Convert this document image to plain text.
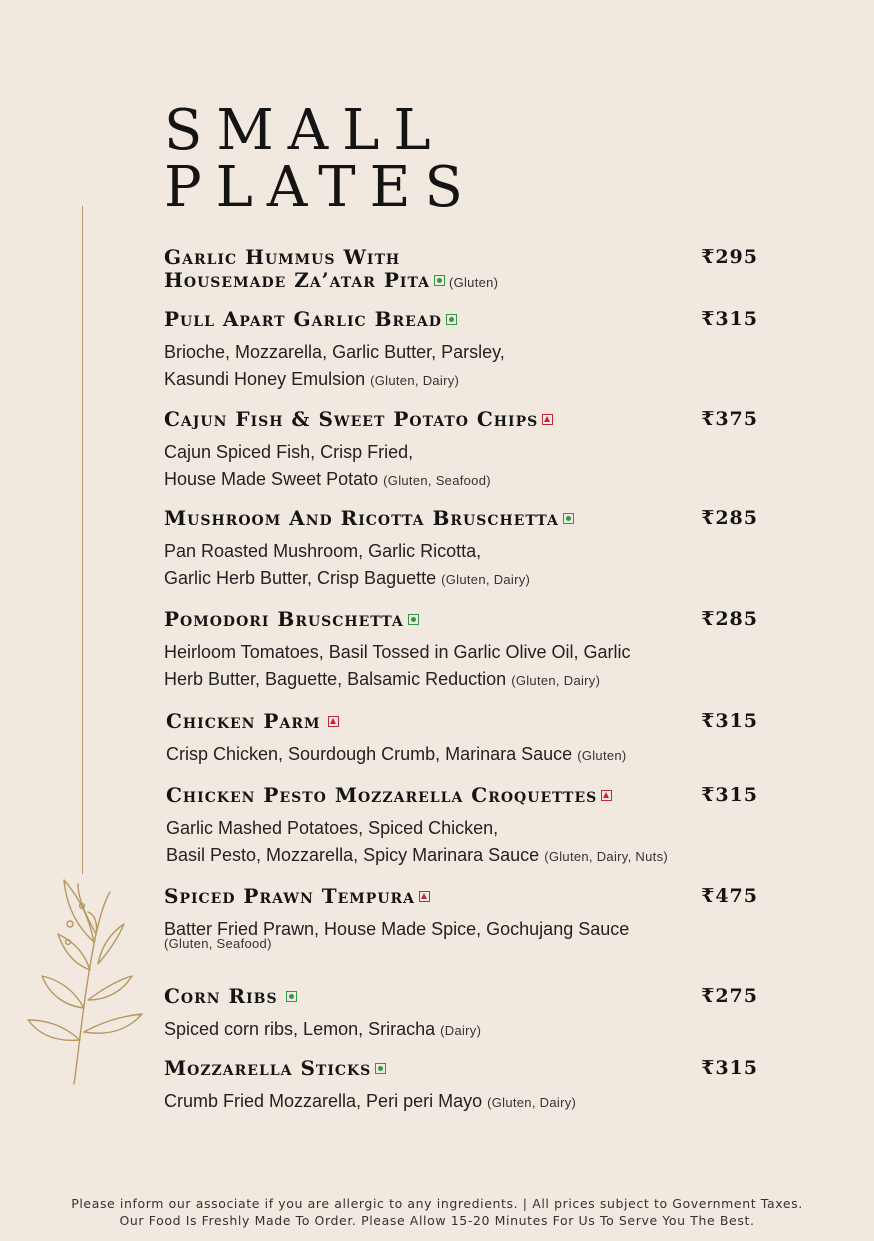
SMALL
PLATES
Garlic Hummus With
Housemade Za’atar Pita (Gluten)
₹295
Pull Apart Garlic Bread	₹315
Brioche, Mozzarella, Garlic Butter, Parsley,
Kasundi Honey Emulsion (Gluten, Dairy)
Cajun Fish & Sweet Potato Chips	₹375
Cajun Spiced Fish, Crisp Fried,
House Made Sweet Potato (Gluten, Seafood)
Mushroom And Ricotta Bruschetta	₹285
Pan Roasted Mushroom, Garlic Ricotta,
Garlic Herb Butter, Crisp Baguette (Gluten, Dairy)
Pomodori Bruschetta	₹285
Heirloom Tomatoes, Basil Tossed in Garlic Olive Oil, Garlic
Herb Butter, Baguette, Balsamic Reduction (Gluten, Dairy)
Chicken Parm	₹315
Crisp Chicken, Sourdough Crumb, Marinara Sauce (Gluten)
Chicken Pesto Mozzarella Croquettes	₹315
Garlic Mashed Potatoes, Spiced Chicken,
Basil Pesto, Mozzarella, Spicy Marinara Sauce (Gluten, Dairy, Nuts)
Spiced Prawn Tempura	₹475
Batter Fried Prawn, House Made Spice, Gochujang Sauce
(Gluten, Seafood)
Corn Ribs	₹275
Spiced corn ribs, Lemon, Sriracha (Dairy)
Mozzarella Sticks	₹315
Crumb Fried Mozzarella, Peri peri Mayo (Gluten, Dairy)
Please inform our associate if you are allergic to any ingredients. | All prices subject to Government Taxes.
Our Food Is Freshly Made To Order. Please Allow 15-20 Minutes For Us To Serve You The Best.
